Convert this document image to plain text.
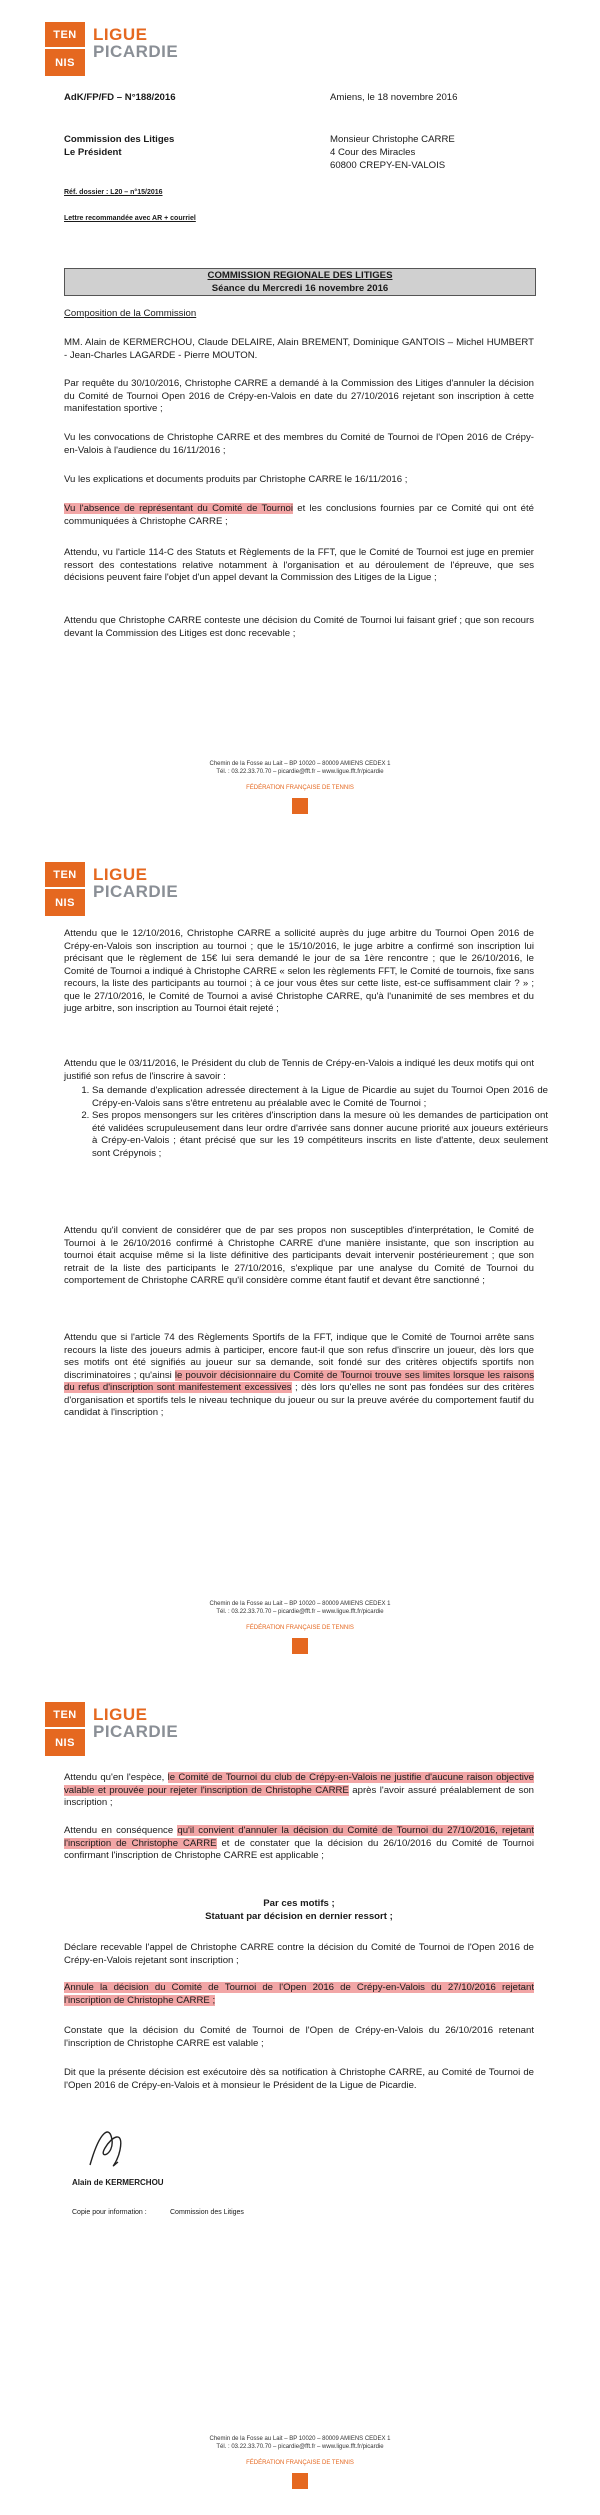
TEN
NIS
LIGUE
PICARDIE
AdK/FP/FD – N°188/2016	Amiens, le 18 novembre 2016
Commission des Litiges
Le Président
Monsieur Christophe CARRE
4 Cour des Miracles
60800 CREPY-EN-VALOIS
Réf. dossier : L20 – n°15/2016
Lettre recommandée avec AR + courriel
COMMISSION REGIONALE DES LITIGES
Séance du Mercredi 16 novembre 2016
Composition de la Commission

MM. Alain de KERMERCHOU, Claude DELAIRE, Alain BREMENT, Dominique GANTOIS – Michel HUMBERT - Jean-Charles LAGARDE - Pierre MOUTON.

Par requête du 30/10/2016, Christophe CARRE a demandé à la Commission des Litiges d'annuler la décision du Comité de Tournoi Open 2016 de Crépy-en-Valois en date du 27/10/2016 rejetant son inscription à cette manifestation sportive ;

Vu les convocations de Christophe CARRE et des membres du Comité de Tournoi de l'Open 2016 de Crépy-en-Valois à l'audience du 16/11/2016 ;

Vu les explications et documents produits par Christophe CARRE le 16/11/2016 ;

Vu l'absence de représentant du Comité de Tournoi et les conclusions fournies par ce Comité qui ont été communiquées à Christophe CARRE ;

Attendu, vu l'article 114-C des Statuts et Règlements de la FFT, que le Comité de Tournoi est juge en premier ressort des contestations relative notamment à l'organisation et au déroulement de l'épreuve, que ses décisions peuvent faire l'objet d'un appel devant la Commission des Litiges de la Ligue ;

Attendu que Christophe CARRE conteste une décision du Comité de Tournoi lui faisant grief ; que son recours devant la Commission des Litiges est donc recevable ;

Chemin de la Fosse au Lait – BP 10020 – 80009 AMIENS CEDEX 1
Tél. : 03.22.33.70.70 – picardie@fft.fr – www.ligue.fft.fr/picardie
FÉDÉRATION FRANÇAISE DE TENNIS
TEN
NIS
LIGUE
PICARDIE

Attendu que le 12/10/2016, Christophe CARRE a sollicité auprès du juge arbitre du Tournoi Open 2016 de Crépy-en-Valois son inscription au tournoi ; que le 15/10/2016, le juge arbitre a confirmé son inscription lui précisant que le règlement de 15€ lui sera demandé le jour de sa 1ère rencontre ; que le 26/10/2016, le Comité de Tournoi a indiqué à Christophe CARRE « selon les règlements FFT, le Comité de tournois, fixe sans recours, la liste des participants au tournoi ; à ce jour vous êtes sur cette liste, est-ce suffisamment clair ? » ; que le 27/10/2016, le Comité de Tournoi a avisé Christophe CARRE, qu'à l'unanimité de ses membres et du juge arbitre, son inscription au Tournoi était rejeté ;

Attendu que le 03/11/2016, le Président du club de Tennis de Crépy-en-Valois a indiqué les deux motifs qui ont justifié son refus de l'inscrire à savoir :

1. Sa demande d'explication adressée directement à la Ligue de Picardie au sujet du Tournoi Open 2016 de Crépy-en-Valois sans s'être entretenu au préalable avec le Comité de Tournoi ;
2. Ses propos mensongers sur les critères d'inscription dans la mesure où les demandes de participation ont été validées scrupuleusement dans leur ordre d'arrivée sans donner aucune priorité aux joueurs extérieurs à Crépy-en-Valois ; étant précisé que sur les 19 compétiteurs inscrits en liste d'attente, deux seulement sont Crépynois ;

Attendu qu'il convient de considérer que de par ses propos non susceptibles d'interprétation, le Comité de Tournoi à le 26/10/2016 confirmé à Christophe CARRE d'une manière insistante, que son inscription au tournoi était acquise même si la liste définitive des participants devait intervenir postérieurement ; que son retrait de la liste des participants le 27/10/2016, s'explique par une analyse du Comité de Tournoi du comportement de Christophe CARRE qu'il considère comme étant fautif et devant être sanctionné ;

Attendu que si l'article 74 des Règlements Sportifs de la FFT, indique que le Comité de Tournoi arrête sans recours la liste des joueurs admis à participer, encore faut-il que son refus d'inscrire un joueur, dès lors que ses motifs ont été signifiés au joueur sur sa demande, soit fondé sur des critères objectifs sportifs non discriminatoires ; qu'ainsi le pouvoir décisionnaire du Comité de Tournoi trouve ses limites lorsque les raisons du refus d'inscription sont manifestement excessives ; dès lors qu'elles ne sont pas fondées sur des critères d'organisation et sportifs tels le niveau technique du joueur ou sur la preuve avérée du comportement fautif du candidat à l'inscription ;

Chemin de la Fosse au Lait – BP 10020 – 80009 AMIENS CEDEX 1
Tél. : 03.22.33.70.70 – picardie@fft.fr – www.ligue.fft.fr/picardie
FÉDÉRATION FRANÇAISE DE TENNIS
TEN
NIS
LIGUE
PICARDIE

Attendu qu'en l'espèce, le Comité de Tournoi du club de Crépy-en-Valois ne justifie d'aucune raison objective valable et prouvée pour rejeter l'inscription de Christophe CARRE après l'avoir assuré préalablement de son inscription ;

Attendu en conséquence qu'il convient d'annuler la décision du Comité de Tournoi du 27/10/2016, rejetant l'inscription de Christophe CARRE et de constater que la décision du 26/10/2016 du Comité de Tournoi confirmant l'inscription de Christophe CARRE est applicable ;

Par ces motifs ;
Statuant par décision en dernier ressort ;

Déclare recevable l'appel de Christophe CARRE contre la décision du Comité de Tournoi de l'Open 2016 de Crépy-en-Valois rejetant sont inscription ;

Annule la décision du Comité de Tournoi de l'Open 2016 de Crépy-en-Valois du 27/10/2016 rejetant l'inscription de Christophe CARRE ;

Constate que la décision du Comité de Tournoi de l'Open de Crépy-en-Valois du 26/10/2016 retenant l'inscription de Christophe CARRE est valable ;

Dit que la présente décision est exécutoire dès sa notification à Christophe CARRE, au Comité de Tournoi de l'Open 2016 de Crépy-en-Valois et à monsieur le Président de la Ligue de Picardie.

Alain de KERMERCHOU
Copie pour information :	Commission des Litiges
Chemin de la Fosse au Lait – BP 10020 – 80009 AMIENS CEDEX 1
Tél. : 03.22.33.70.70 – picardie@fft.fr – www.ligue.fft.fr/picardie
FÉDÉRATION FRANÇAISE DE TENNIS
